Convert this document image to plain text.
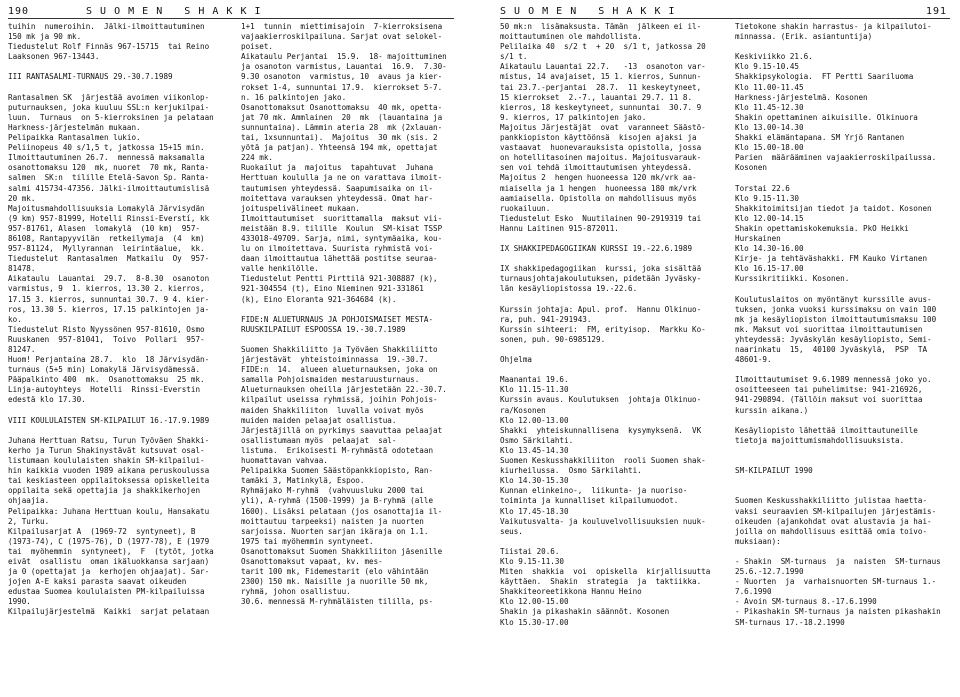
190	S U O M E N   S H A K K I	S U O M E N   S H A K K I	191
tuihin  numeroihin.  Jälki-ilmoittautuminen
150 mk ja 90 mk.
Tiedustelut Rolf Finnäs 967-15715  tai Reino
Laaksonen 967-13443.

III RANTASALMI-TURNAUS 29.-30.7.1989

Rantasalmen SK  järjestää avoimen viikonlop-
puturnauksen, joka kuuluu SSL:n kerjukilpai-
luun.  Turnaus  on 5-kierroksinen ja pelataan
Harkness-järjestelmän mukaan.
Pelipaikka Rantasalmen lukio.
Peliinopeus 40 s/1,5 t, jatkossa 15+15 min.
Ilmoittautuminen 26.7.  mennessä maksamalla
osanottomaksu 120  mk, nuoret  70 mk, Ranta-
salmen  SK:n  tilille Etelä-Savon Sp. Ranta-
salmi 415734-47356. Jälki-ilmoittautumislisä
20 mk.
Majoitusmahdollisuuksia Lomakylä Järvisydän
(9 km) 957-81999, Hotelli Rinssi-Everstí, kk
957-81761, Alasen  lomakylä  (10 km)  957-
86108, Rantapyyvilän  retkeilymaja  (4  km)
957-81124,  Myllyrannan  leirintäalue,  kk.
Tiedustelut  Rantasalmen  Matkailu  Oy  957-
81478.
Aikataulu  Lauantai  29.7.  8-8.30  osanoton
varmistus, 9  1. kierros, 13.30 2. kierros,
17.15 3. kierros, sunnuntai 30.7. 9 4. kier-
ros, 13.30 5. kierros, 17.15 palkintojen ja-
ko.
Tiedustelut Risto Nyyssönen 957-81610, Osmo
Ruuskanen  957-81041,  Toivo  Pollari  957-
81247.
Huom! Perjantaina 28.7.  klo  18 Järvisydän-
turnaus (5+5 min) Lomakylä Järvisydämessä.
Pääpalkinto 400  mk.  Osanottomaksu  25 mk.
Linja-autoyhteys  Hotelli  Rinssi-Everstin
edestä klo 17.30.

VIII KOULULAISTEN SM-KILPAILUT 16.-17.9.1989

Juhana Herttuan Ratsu, Turun Työväen Shakki-
kerho ja Turun Shakinystävät kutsuvat osal-
listumaan koululaisten shakin SM-kilpailui-
hin kaikkia vuoden 1989 aikana peruskoulussa
tai keskiasteen oppilaitoksessa opiskelleita
oppilaita sekä opettajia ja shakkikerhojen
ohjaajia.
Pelipaikka: Juhana Herttuan koulu, Hansakatu
2, Turku.
Kilpailusarjat A  (1969-72  syntyneet), B
(1973-74), C (1975-76), D (1977-78), E (1979
tai  myöhemmin  syntyneet),  F  (tytöt, jotka
eivät  osallistu  oman ikäluokkansa sarjaan)
ja 0 (opettajat ja  kerhojen ohjaajat). Sar-
jojen A-E kaksi parasta saavat oikeuden
edustaa Suomea koululaisten PM-kilpailuissa
1990.
Kilpailujärjestelmä  Kaikki  sarjat pelataan
1+1  tunnin  miettimisajoin  7-kierroksisena
vajaakierroskilpailuna. Sarjat ovat selokel-
poiset.
Aikataulu Perjantai  15.9.  18- majoittuminen
ja osanoton varmistus, Lauantai  16.9.  7.30-
9.30 osanoton  varmistus, 10  avaus ja kier-
rokset 1-4, sunnuntai 17.9.  kierrokset 5-7.
n. 16 palkintojen jako.
Osanottomaksut Osanottomaksu  40 mk, opetta-
jat 70 mk. Ammlainen  20  mk  (lauantaina ja
sunnuntaina). Lämmin ateria 28  mk (2xlauan-
tai, 1xsunnuntai).  Majoitus  30 mk (sis. 2
yötä ja patjan). Yhteensä 194 mk, opettajat
224 mk.
Ruokailut ja  majoitus  tapahtuvat  Juhana
Herttuan koululla ja ne on varattava ilmoit-
tautumisen yhteydessä. Saapumisaika on il-
moitettava varauksen yhteydessä. Omat har-
joituspelivälineet mukaan.
Ilmoittautumiset  suorittamalla  maksut vii-
meistään 8.9. tilille  Koulun  SM-kisat TSSP
433018-49709. Sarja, nimi, syntymäaika, kou-
lu on ilmoitettava. Suurista ryhmistä voi-
daan ilmoittautua lähettää postitse seuraa-
valle henkilölle.
Tiedustelut Pentti Pirttilä 921-308887 (k),
921-304554 (t), Eino Nieminen 921-331861
(k), Eino Eloranta 921-364684 (k).

FIDE:N ALUETURNAUS JA POHJOISMAISET MESTA-
RUUSKILPAILUT ESPOOSSA 19.-30.7.1989

Suomen Shakkiliitto ja Työväen Shakkiliitto
järjestävät  yhteistoiminnassa  19.-30.7.
FIDE:n  14.  alueen alueturnauksen, joka on
samalla Pohjoismaiden mestaruusturnaus.
Alueturnauksen oheilla järjestetään 22.-30.7.
kilpailut useissa ryhmissä, joihin Pohjois-
maiden Shakkiliiton  luvalla voivat myös
muiden maiden pelaajat osallistua.
Järjestäjillä on pyrkimys saavuttaa pelaajat
osallistumaan myös  pelaajat  sal-
listuma.  Erikoisesti M-ryhmästä odotetaan
huomattavan vahvaa.
Pelipaikka Suomen Säästöpankkiopisto, Ran-
tamäki 3, Matinkylä, Espoo.
Ryhmäjako M-ryhmä  (vahvuusluku 2000 tai
yli), A-ryhmä (1500-1999) ja B-ryhmä (alle
1600). Lisäksi pelataan (jos osanottajia il-
moittautuu tarpeeksi) naisten ja nuorten
sarjoissa. Nuorten sarjan ikäraja on 1.1.
1975 tai myöhemmin syntyneet.
Osanottomaksut Suomen Shakkiliiton jäsenille
Osanottomaksut vapaat, kv. mes-
tarit 100 mk, Fidemestarit (elo vähintään
2300) 150 mk. Naisille ja nuorille 50 mk,
ryhmä, johon osallistuu.
30.6. mennessä M-ryhmäläisten tililla, ps-
50 mk:n  lisämaksusta. Tämän  jälkeen ei il-
moittautuminen ole mahdollista.
Pelilaika 40  s/2 t  + 20  s/1 t, jatkossa 20
s/1 t.
Aikataulu Lauantai 22.7.   -13  osanoton var-
mistus, 14 avajaiset, 15 1. kierros, Sunnun-
tai 23.7.-perjantai  28.7.  11 keskeytyneet,
15 kierrokset  2.-7., lauantai 29.7. 11 8.
kierros, 18 keskeytyneet, sunnuntai  30.7. 9
9. kierros, 17 palkintojen jako.
Majoitus Järjestäjät  ovat  varanneet Säästö-
pankkiopiston käyttöönsä  kisojen ajaksi ja
vastaavat  huonevarauksista opistolla, jossa
on hotellitasoinen majoitus. Majoitusvarauk-
sen voi tehdä ilmoittautumisen yhteydessä.
Majoitus 2  hengen huoneessa 120 mk/vrk aa-
miaisella ja 1 hengen  huoneessa 180 mk/vrk
aamiaisella. Opistolla on mahdollisuus myös
ruokailuun.
Tiedustelut Esko  Nuutilainen 90-2919319 tai
Hannu Laitinen 915-872011.

IX SHAKKIPEDAGOGIIKAN KURSSI 19.-22.6.1989

IX shakkipedagogiikan  kurssi, joka sisältää
turnausjohtajakoulutuksen, pidetään Jyväsky-
län kesäyliopistossa 19.-22.6.

Kurssin johtaja: Apul. prof.  Hannu Olkinuo-
ra, puh. 941-291943.
Kurssin sihteeri:  FM, erityisop.  Markku Ko-
sonen, puh. 90-6985129.

Ohjelma

Maanantai 19.6.
Klo 11.15-11.30
Kurssin avaus. Koulutuksen  johtaja Olkinuo-
ra/Kosonen
Klo 12.00-13.00
Shakki  yhteiskunnallisena  kysymyksenä.  VK
Osmo Särkilahti.
Klo 13.45-14.30
Suomen Keskusshakkiliiton  rooli Suomen shak-
kiurheilussa.  Osmo Särkilahti.
Klo 14.30-15.30
Kunnan elinkeino-,  liikunta- ja nuoriso-
toiminta ja kunnalliset kilpailumuodot.
Klo 17.45-18.30
Vaikutusvalta- ja kouluvelvollisuuksien nuuk-
seus.

Tiistai 20.6.
Klo 9.15-11.30
Miten  shakkia  voi  opiskella  kirjallisuutta
käyttäen.  Shakin  strategia  ja  taktiikka.
Shakkiteoreetikkona Hannu Heino
Klo 12.00-15.00
Shakin ja pikashakin säännöt. Kosonen
Klo 15.30-17.00
Tietokone shakin harrastus- ja kilpailutoi-
minnassa. (Erik. asiantuntija)

Keskiviikko 21.6.
Klo 9.15-10.45
Shakkipsykologia.  FT Pertti Saariluoma
Klo 11.00-11.45
Harkness-järjestelmä. Kosonen
Klo 11.45-12.30
Shakin opettaminen aikuisille. Olkinuora
Klo 13.00-14.30
Shakki elämäntapana. SM Yrjö Rantanen
Klo 15.00-18.00
Parien  määrääminen vajaakierroskilpailussa.
Kosonen

Torstai 22.6
Klo 9.15-11.30
Shakkitoimitsijan tiedot ja taidot. Kosonen
Klo 12.00-14.15
Shakin opettamiskokemuksia. PkO Heikki
Hurskainen
Klo 14.30-16.00
Kirje- ja tehtäväshakki. FM Kauko Virtanen
Klo 16.15-17.00
Kurssikritiikki. Kosonen.

Koulutuslaitos on myöntänyt kurssille avus-
tuksen, jonka vuoksi kurssimaksu on vain 100
mk ja kesäyliopiston ilmoittautumismaksu 100
mk. Maksut voi suorittaa ilmoittautumisen
yhteydessä: Jyväskylän kesäyliopisto, Semi-
naarinkatu  15,  40100 Jyväskylä,  PSP  TA
48601-9.

Ilmoittautumiset 9.6.1989 mennessä joko yo.
osoitteeseen tai puhelimitse: 941-216926,
941-290894. (Tällöin maksut voi suorittaa
kurssin aikana.)

Kesäyliopisto lähettää ilmoittautuneille
tietoja majoittumismahdollisuuksista.

SM-KILPAILUT 1990

Suomen Keskusshakkiliitto julistaa haetta-
vaksi seuraavien SM-kilpailujen järjestämis-
oikeuden (ajankohdat ovat alustavia ja hai-
joilla on mahdollisuus esittää omia toivo-
muksiaan):

- Shakin  SM-turnaus  ja  naisten  SM-turnaus
25.6.-12.7.1990
- Nuorten  ja  varhaisnuorten SM-turnaus 1.-
7.6.1990
- Avoin SM-turnaus 8.-17.6.1990
- Pikashakin SM-turnaus ja naisten pikashakin
SM-turnaus 17.-18.2.1990
